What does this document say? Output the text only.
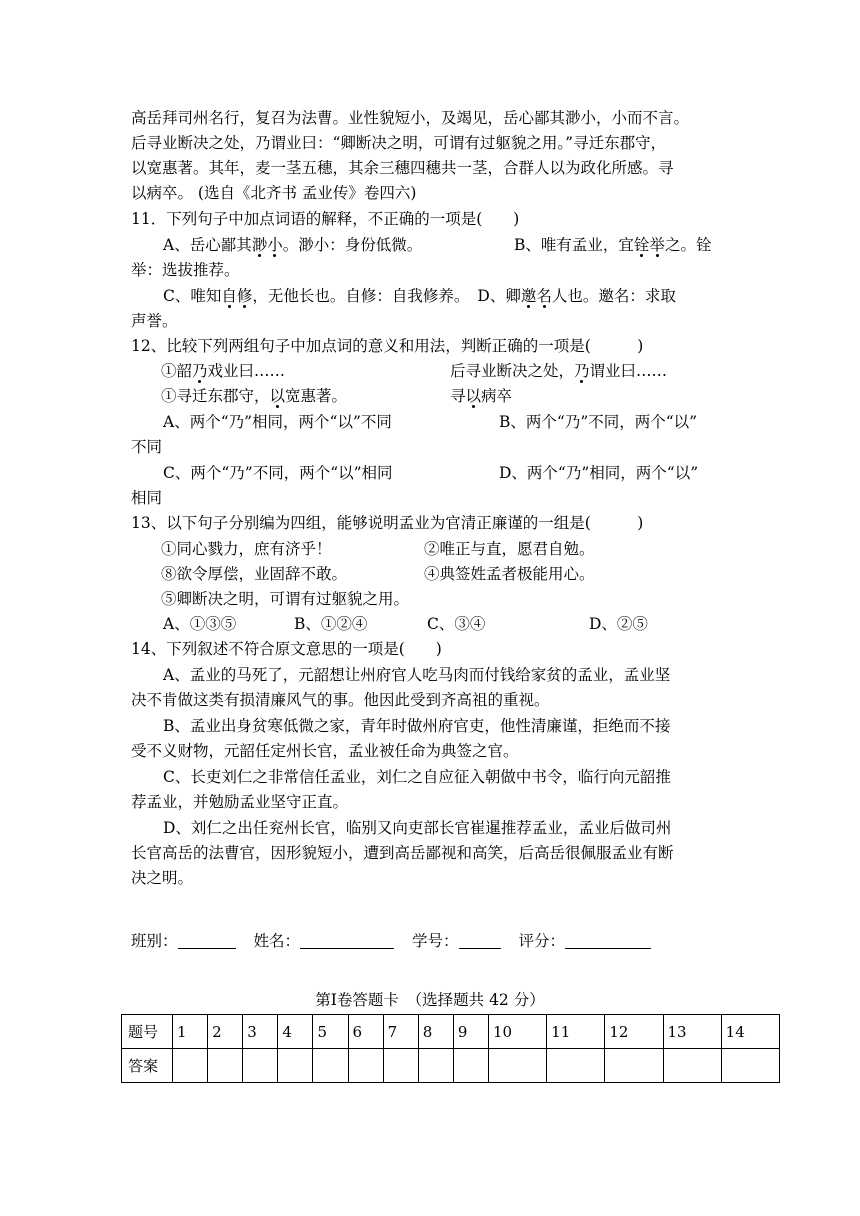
高岳拜司州名行，复召为法曹。业性貌短小，及竭见，岳心鄙其渺小，小而不言。
后寻业断决之处，乃谓业曰：“卿断决之明，可谓有过躯貌之用。”寻迁东郡守，
以宽惠著。其年，麦一茎五穗，其余三穗四穗共一茎，合群人以为政化所感。寻
以病卒。 (选自《北齐书 孟业传》卷四六)
11．下列句子中加点词语的解释，不正确的一项是(　　)
A、岳心鄙其渺小。渺小：身份低微。	B、唯有孟业，宜铨举之。铨
举：选拔推荐。
C、唯知自修，无他长也。自修：自我修养。 D、卿邀名人也。邀名：求取
声誉。
12、比较下列两组句子中加点词的意义和用法，判断正确的一项是(　　　)
①韶乃戏业曰……	后寻业断决之处，乃谓业曰……
①寻迁东郡守，以宽惠著。	寻以病卒
A、两个“乃”相同，两个“以”不同	B、两个“乃”不同，两个“以”
不同
C、两个“乃”不同，两个“以”相同	D、两个“乃”相同，两个“以”
相同
13、以下句子分别编为四组，能够说明孟业为官清正廉谨的一组是(　　　)
①同心戮力，庶有济乎！	②唯正与直，愿君自勉。
⑧欲令厚偿，业固辞不敢。	④典签姓孟者极能用心。
⑤卿断决之明，可谓有过躯貌之用。
A、①③⑤	B、①②④	C、③④	D、②⑤
14、下列叙述不符合原文意思的一项是(　　)
A、孟业的马死了，元韶想让州府官人吃马肉而付钱给家贫的孟业，孟业坚
决不肯做这类有损清廉风气的事。他因此受到齐高祖的重视。
B、孟业出身贫寒低微之家，青年时做州府官吏，他性清廉谨，拒绝而不接
受不义财物，元韶任定州长官，孟业被任命为典签之官。
C、长吏刘仁之非常信任孟业，刘仁之自应征入朝做中书令，临行向元韶推
荐孟业，并勉励孟业坚守正直。
D、刘仁之出任兖州长官，临别又向吏部长官崔暹推荐孟业，孟业后做司州
长官高岳的法曹官，因形貌短小，遭到高岳鄙视和高笑，后高岳很佩服孟业有断
决之明。
班别：	姓名：	学号：	评分：
第Ⅰ卷答题卡　（选择题共 42 分）
题号	1	2	3	4	5	6	7	8	9	10	11	12	13	14
答案														
